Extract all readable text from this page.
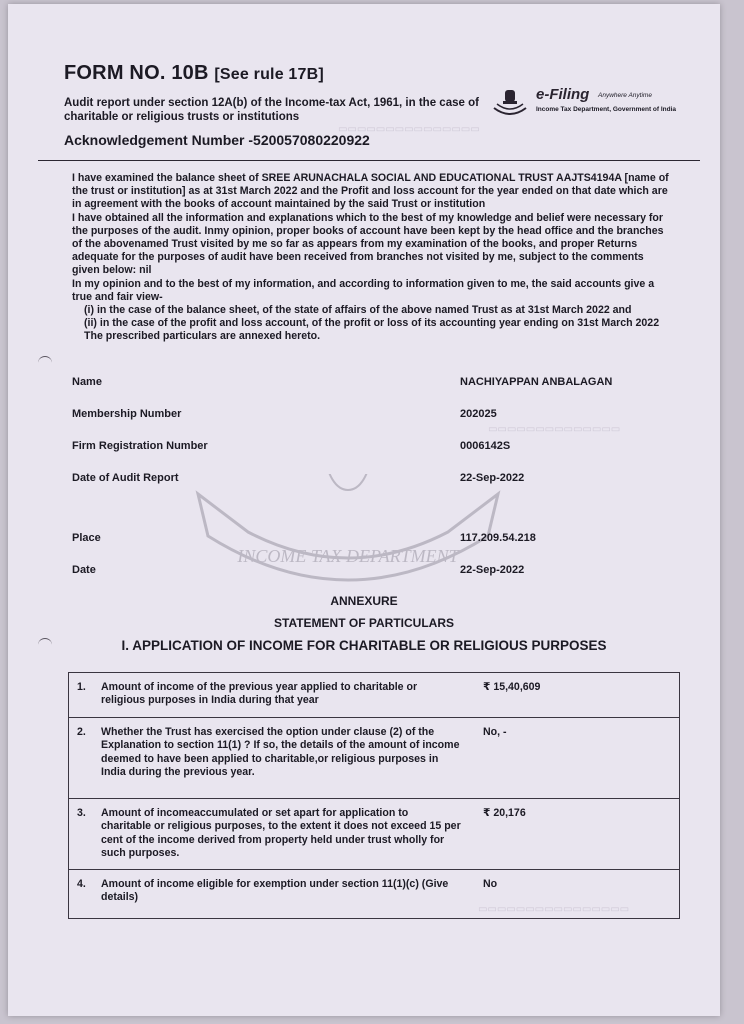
▭▭▭▭▭▭▭▭▭▭▭▭▭▭▭
▭▭▭▭▭▭▭▭▭▭▭▭▭▭
▭▭▭▭▭▭▭▭▭▭▭▭▭▭▭▭
FORM NO. 10B [See rule 17B]

Audit report under section 12A(b) of the Income-tax Act, 1961, in the case of charitable or religious trusts or institutions

Acknowledgement Number -520057080220922

e-Filing Anywhere Anytime
Income Tax Department, Government of India

I have examined the balance sheet of SREE ARUNACHALA SOCIAL AND EDUCATIONAL TRUST AAJTS4194A [name of the trust or institution] as at 31st March 2022 and the Profit and loss account for the year ended on that date which are in agreement with the books of account maintained by the said Trust or institution

I have obtained all the information and explanations which to the best of my knowledge and belief were necessary for the purposes of the audit. Inmy opinion, proper books of account have been kept by the head office and the branches of the abovenamed Trust visited by me so far as appears from my examination of the books, and proper Returns adequate for the purposes of audit have been received from branches not visited by me, subject to the comments given below: nil

In my opinion and to the best of my information, and according to information given to me, the said accounts give a true and fair view-

(i) in the case of the balance sheet, of the state of affairs of the above named Trust as at 31st March 2022 and

(ii) in the case of the profit and loss account, of the profit or loss of its accounting year ending on 31st March 2022

The prescribed particulars are annexed hereto.

INCOME TAX DEPARTMENT
Name	NACHIYAPPAN ANBALAGAN
Membership Number	202025
Firm Registration Number	0006142S
Date of Audit Report	22-Sep-2022
Place	117.209.54.218
Date	22-Sep-2022

ANNEXURE

STATEMENT OF PARTICULARS

I. APPLICATION OF INCOME FOR CHARITABLE OR RELIGIOUS PURPOSES

1.	Amount of income of the previous year applied to charitable or religious purposes in India during that year	₹ 15,40,609
2.	Whether the Trust has exercised the option under clause (2) of the Explanation to section 11(1) ? If so, the details of the amount of income deemed to have been applied to charitable,or religious purposes in India during the previous year.	No, -
3.	Amount of incomeaccumulated or set apart for application to charitable or religious purposes, to the extent it does not exceed 15 per cent of the income derived from property held under trust wholly for such purposes.	₹ 20,176
4.	Amount of income eligible for exemption under section 11(1)(c) (Give details)	No
